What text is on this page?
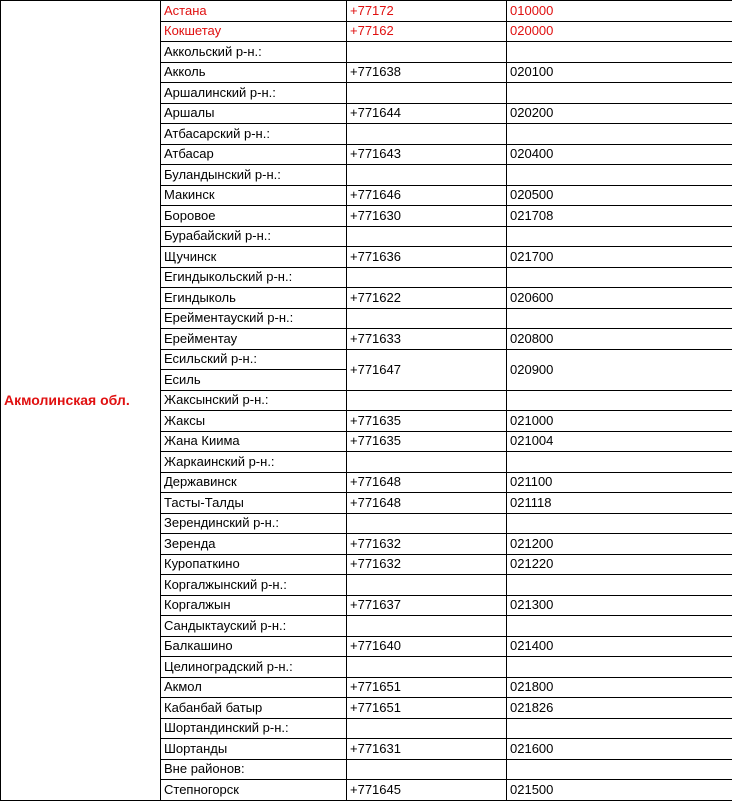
Акмолинская обл.	Астана	+77172	010000
	Кокшетау	+77162	020000
	Аккольский р-н.:		
	Акколь	+771638	020100
	Аршалинский р-н.:		
	Аршалы	+771644	020200
	Атбасарский р-н.:		
	Атбасар	+771643	020400
	Буландынский р-н.:		
	Макинск	+771646	020500
	Боровое	+771630	021708
	Бурабайский р-н.:		
	Щучинск	+771636	021700
	Егиндыкольский р-н.:		
	Егиндыколь	+771622	020600
	Ерейментауский р-н.:		
	Ерейментау	+771633	020800
	Есильский р-н.:	+771647	020900
	Есиль		
	Жаксынский р-н.:		
	Жаксы	+771635	021000
	Жана Киима	+771635	021004
	Жаркаинский р-н.:		
	Державинск	+771648	021100
	Тасты-Талды	+771648	021118
	Зерендинский р-н.:		
	Зеренда	+771632	021200
	Куропаткино	+771632	021220
	Коргалжынский р-н.:		
	Коргалжын	+771637	021300
	Сандыктауский р-н.:		
	Балкашино	+771640	021400
	Целиноградский р-н.:		
	Акмол	+771651	021800
	Кабанбай батыр	+771651	021826
	Шортандинский р-н.:		
	Шортанды	+771631	021600
	Вне районов:		
	Степногорск	+771645	021500
